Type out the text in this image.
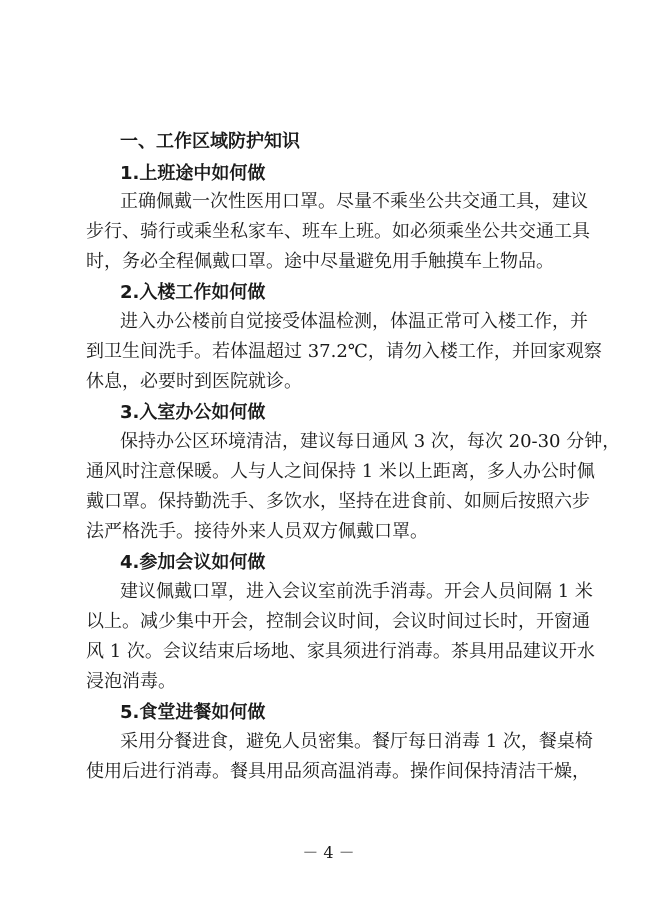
一、工作区域防护知识
1.上班途中如何做
正确佩戴一次性医用口罩。尽量不乘坐公共交通工具，建议
步行、骑行或乘坐私家车、班车上班。如必须乘坐公共交通工具
时，务必全程佩戴口罩。途中尽量避免用手触摸车上物品。
2.入楼工作如何做
进入办公楼前自觉接受体温检测，体温正常可入楼工作，并
到卫生间洗手。若体温超过 37.2℃，请勿入楼工作，并回家观察
休息，必要时到医院就诊。
3.入室办公如何做
保持办公区环境清洁，建议每日通风 3 次，每次 20-30 分钟，
通风时注意保暖。人与人之间保持 1 米以上距离，多人办公时佩
戴口罩。保持勤洗手、多饮水，坚持在进食前、如厕后按照六步
法严格洗手。接待外来人员双方佩戴口罩。
4.参加会议如何做
建议佩戴口罩，进入会议室前洗手消毒。开会人员间隔 1 米
以上。减少集中开会，控制会议时间，会议时间过长时，开窗通
风 1 次。会议结束后场地、家具须进行消毒。茶具用品建议开水
浸泡消毒。
5.食堂进餐如何做
采用分餐进食，避免人员密集。餐厅每日消毒 1 次，餐桌椅
使用后进行消毒。餐具用品须高温消毒。操作间保持清洁干燥，
－ 4 －
